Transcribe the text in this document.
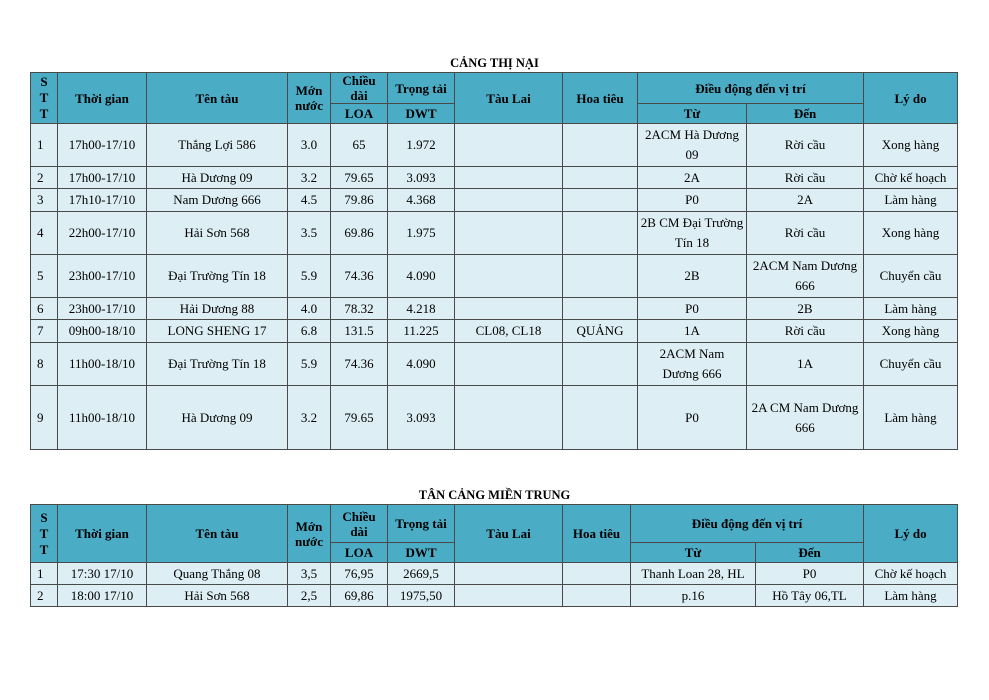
CẢNG THỊ NẠI
S
T
T	Thời gian	Tên tàu	Mớn nước	Chiều dài	Trọng tải	Tàu Lai	Hoa tiêu	Điều động đến vị trí		Lý do
				LOA	DWT			Từ	Đến	
1	17h00-17/10	Thắng Lợi 586	3.0	65	1.972			2ACM Hà Dương 09	Rời cầu	Xong hàng
2	17h00-17/10	Hà Dương 09	3.2	79.65	3.093			2A	Rời cầu	Chờ kế hoạch
3	17h10-17/10	Nam Dương 666	4.5	79.86	4.368			P0	2A	Làm hàng
4	22h00-17/10	Hải Sơn 568	3.5	69.86	1.975			2B CM Đại Trường Tín 18	Rời cầu	Xong hàng
5	23h00-17/10	Đại Trường Tín 18	5.9	74.36	4.090			2B	2ACM Nam Dương 666	Chuyển cầu
6	23h00-17/10	Hải Dương 88	4.0	78.32	4.218			P0	2B	Làm hàng
7	09h00-18/10	LONG SHENG 17	6.8	131.5	11.225	CL08, CL18	QUẢNG	1A	Rời cầu	Xong hàng
8	11h00-18/10	Đại Trường Tín 18	5.9	74.36	4.090			2ACM Nam Dương 666	1A	Chuyển cầu
9	11h00-18/10	Hà Dương 09	3.2	79.65	3.093			P0	2A CM Nam Dương 666	Làm hàng
TÂN CẢNG MIỀN TRUNG
S
T
T	Thời gian	Tên tàu	Mớn nước	Chiều dài	Trọng tải	Tàu Lai	Hoa tiêu	Điều động đến vị trí		Lý do
				LOA	DWT			Từ	Đến	
1	17:30 17/10	Quang Thắng 08	3,5	76,95	2669,5			Thanh Loan 28, HL	P0	Chờ kế hoạch
2	18:00 17/10	Hải Sơn 568	2,5	69,86	1975,50			p.16	Hồ Tây 06,TL	Làm hàng
